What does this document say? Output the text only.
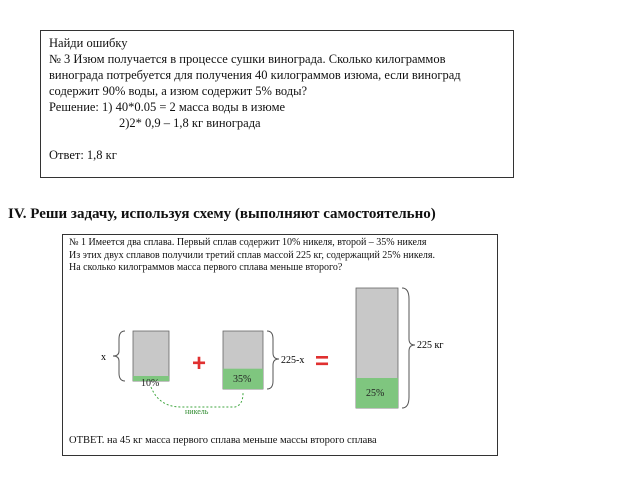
Найди ошибку
№ 3 Изюм получается в процессе сушки винограда. Сколько килограммов
винограда потребуется для получения 40 килограммов изюма, если виноград
содержит 90% воды, а изюм содержит 5% воды?
Решение: 1) 40*0.05 = 2 масса воды в изюме
2)2* 0,9 – 1,8 кг винограда
Ответ: 1,8 кг
IV. Реши задачу, используя схему (выполняют самостоятельно)
№ 1 Имеется два сплава. Первый сплав содержит 10% никеля, второй – 35% никеля
Из этих двух сплавов получили третий сплав массой 225 кг, содержащий 25% никеля.
На сколько килограммов масса первого сплава меньше второго?
x
10%
+	225-x
35%
=
225 кг
25%
никель
ОТВЕТ. на 45 кг масса первого сплава меньше массы второго сплава
